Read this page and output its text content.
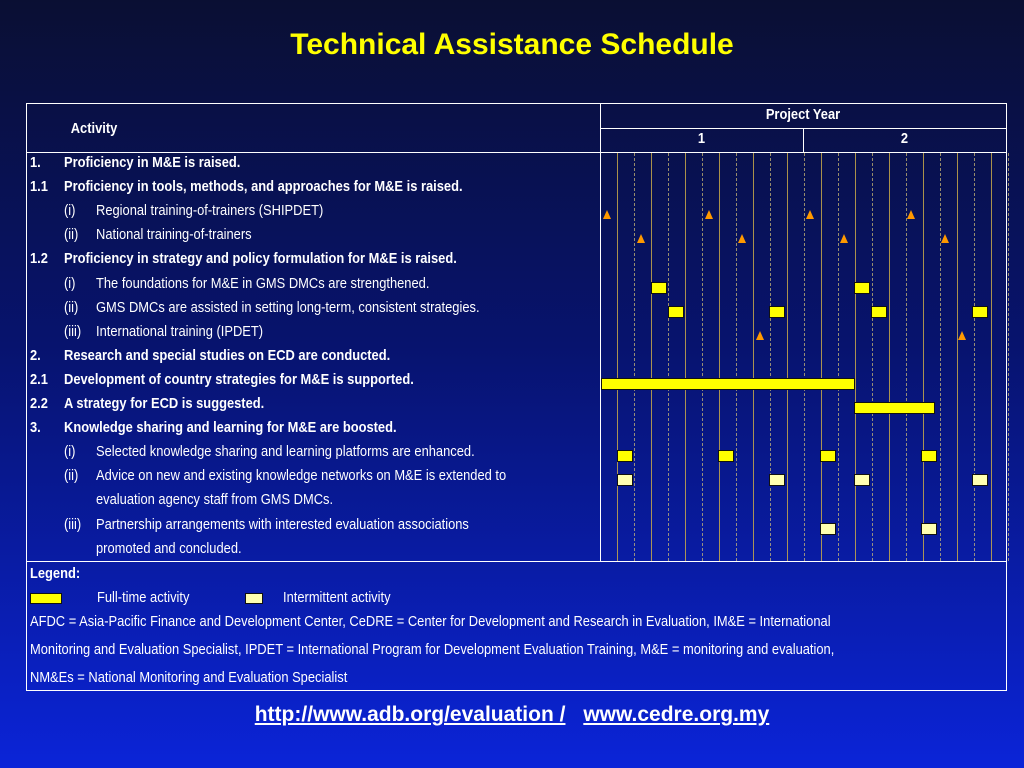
Technical Assistance Schedule
Activity
Project Year
1	2
1. Proficiency in M&E is raised.
1.1 Proficiency in tools, methods, and approaches for M&E is raised.
(i) Regional training-of-trainers (SHIPDET)
(ii) National training-of-trainers
1.2 Proficiency in strategy and policy formulation for M&E is raised.
(i) The foundations for M&E in GMS DMCs are strengthened.
(ii) GMS DMCs are assisted in setting long-term, consistent strategies.
(iii) International training (IPDET)
2. Research and special studies on ECD are conducted.
2.1 Development of country strategies for M&E is supported.
2.2 A strategy for ECD is suggested.
3. Knowledge sharing and learning for M&E are boosted.
(i) Selected knowledge sharing and learning platforms are enhanced.
(ii) Advice on new and existing knowledge networks on M&E is extended to
evaluation agency staff from GMS DMCs.
(iii) Partnership arrangements with interested evaluation associations
promoted and concluded.
Legend:
Full-time activity	Intermittent activity
AFDC = Asia-Pacific Finance and Development Center, CeDRE = Center for Development and Research in Evaluation, IM&E = International
Monitoring and Evaluation Specialist, IPDET = International Program for Development Evaluation Training, M&E = monitoring and evaluation,
NM&Es = National Monitoring and Evaluation Specialist
http://www.adb.org/evaluation / www.cedre.org.my
